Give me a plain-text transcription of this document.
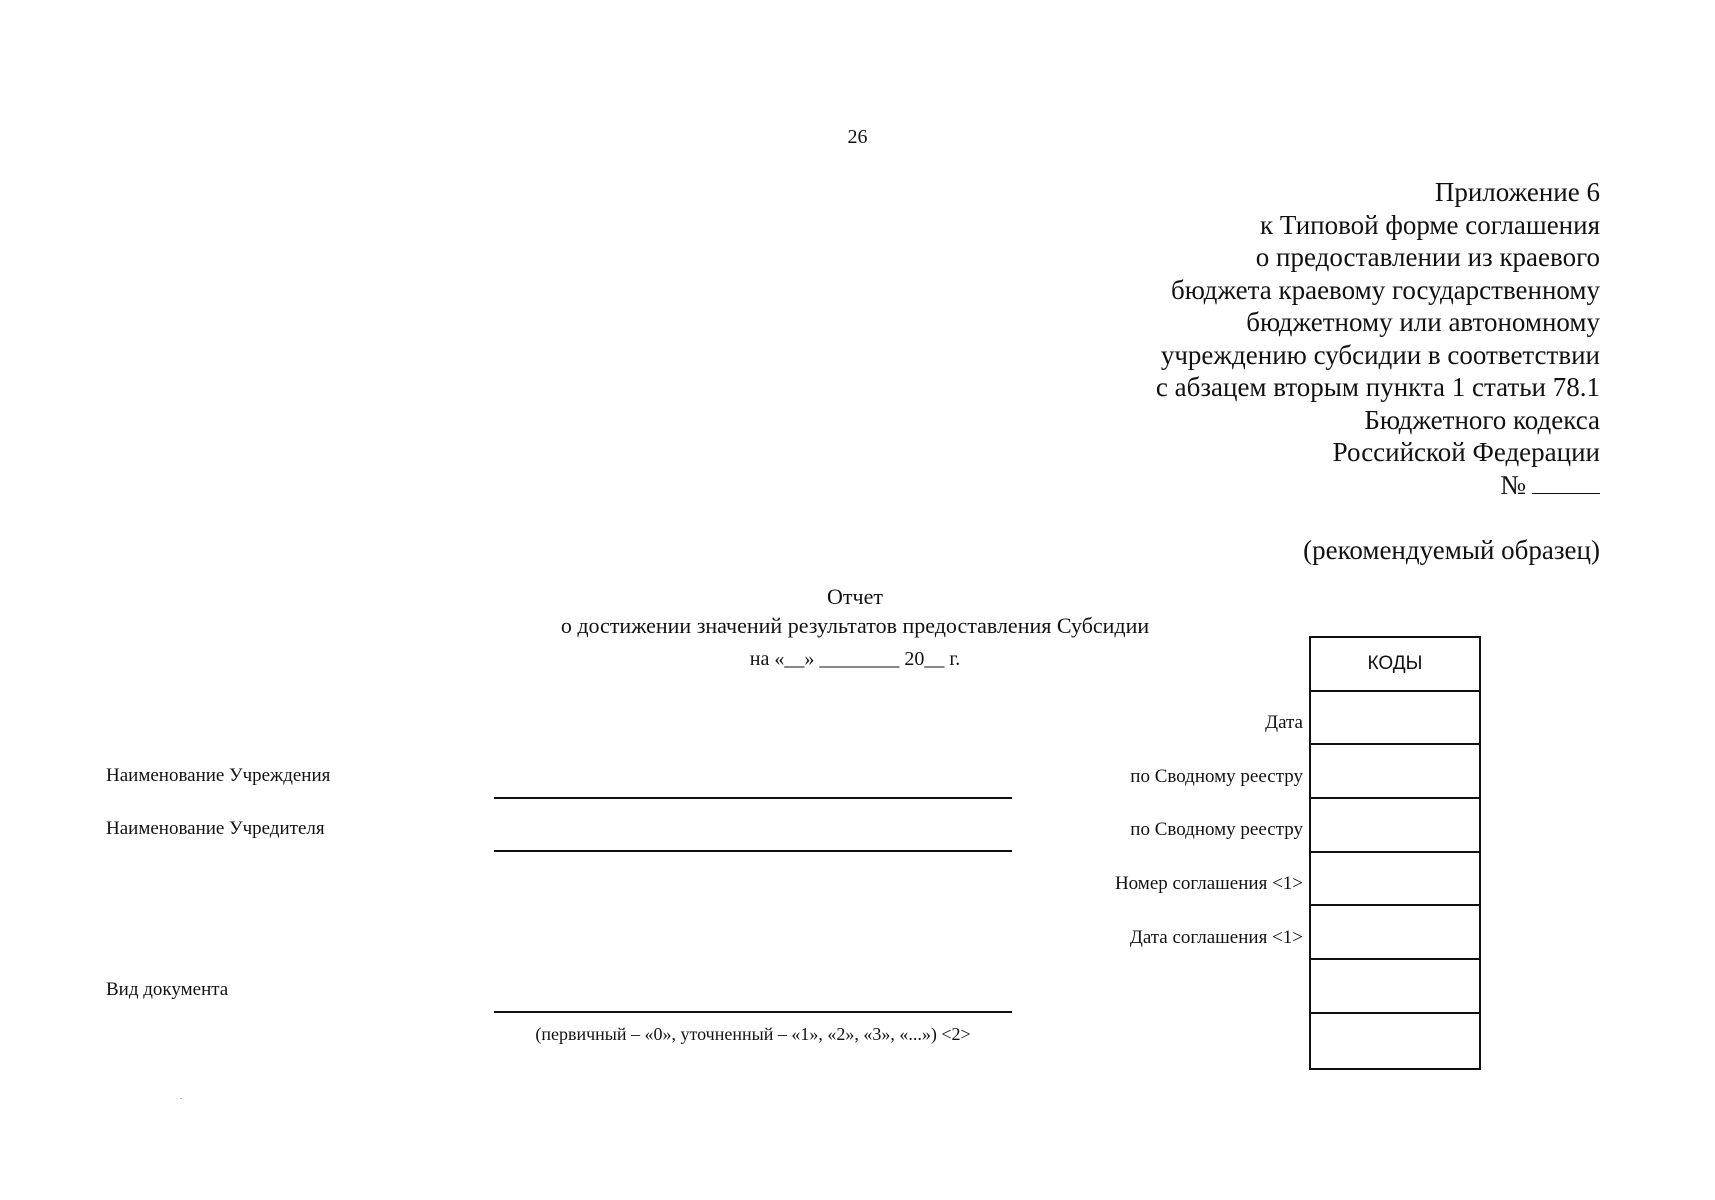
26
Приложение 6
к Типовой форме соглашения
о предоставлении из краевого
бюджета краевому государственному
бюджетному или автономному
учреждению субсидии в соответствии
с абзацем вторым пункта 1 статьи 78.1
Бюджетного кодекса
Российской Федерации
№
(рекомендуемый образец)
Отчет
о достижении значений результатов предоставления Субсидии
на «__» ________ 20__ г.
Наименование Учреждения
Наименование Учредителя
Вид документа
(первичный – «0», уточненный – «1», «2», «3», «...») <2>
Дата
по Сводному реестру
по Сводному реестру
Номер соглашения <1>
Дата соглашения <1>
КОДЫ
